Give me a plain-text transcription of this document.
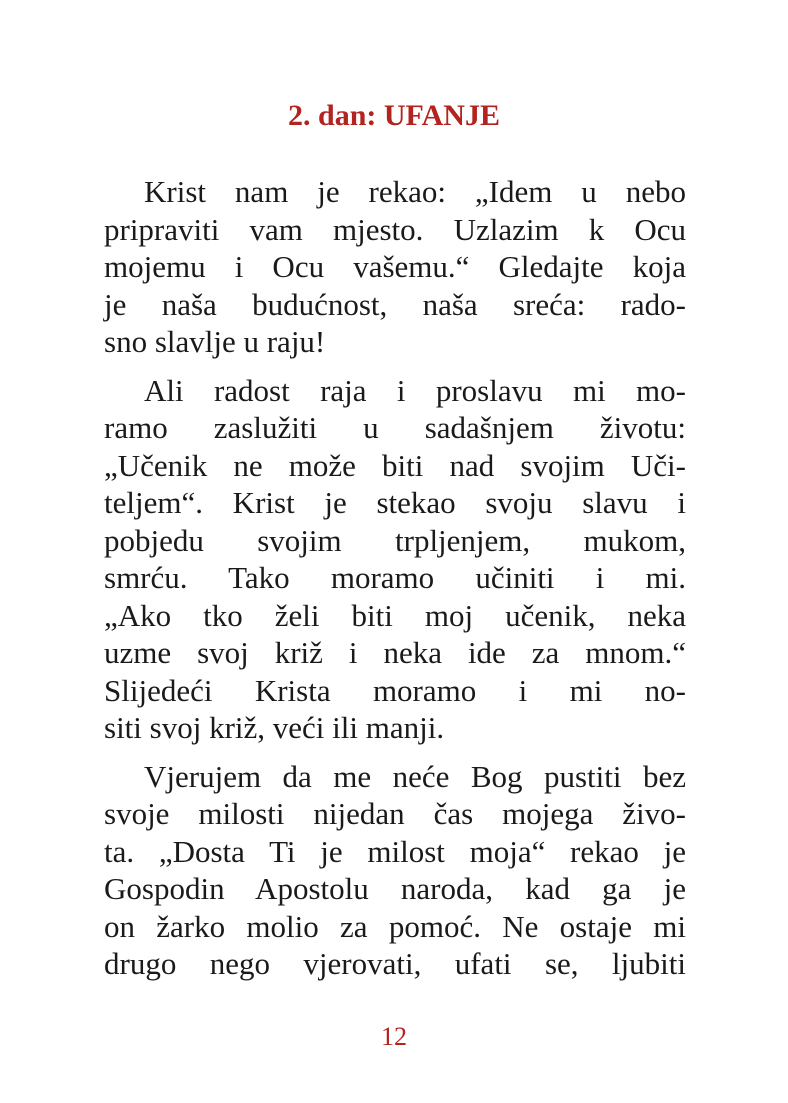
2. dan: UFANJE

Krist nam je rekao: „Idem u nebo
pripraviti vam mjesto. Uzlazim k Ocu
mojemu i Ocu vašemu.“ Gledajte koja
je naša budućnost, naša sreća: rado-
sno slavlje u raju!

Ali radost raja i proslavu mi mo-
ramo zaslužiti u sadašnjem životu:
„Učenik ne može biti nad svojim Uči-
teljem“. Krist je stekao svoju slavu i
pobjedu svojim trpljenjem, mukom,
smrću. Tako moramo učiniti i mi.
„Ako tko želi biti moj učenik, neka
uzme svoj križ i neka ide za mnom.“
Slijedeći Krista moramo i mi no-
siti svoj križ, veći ili manji.

Vjerujem da me neće Bog pustiti bez
svoje milosti nijedan čas mojega živo-
ta. „Dosta Ti je milost moja“ rekao je
Gospodin Apostolu naroda, kad ga je
on žarko molio za pomoć. Ne ostaje mi
drugo nego vjerovati, ufati se, ljubiti

12
